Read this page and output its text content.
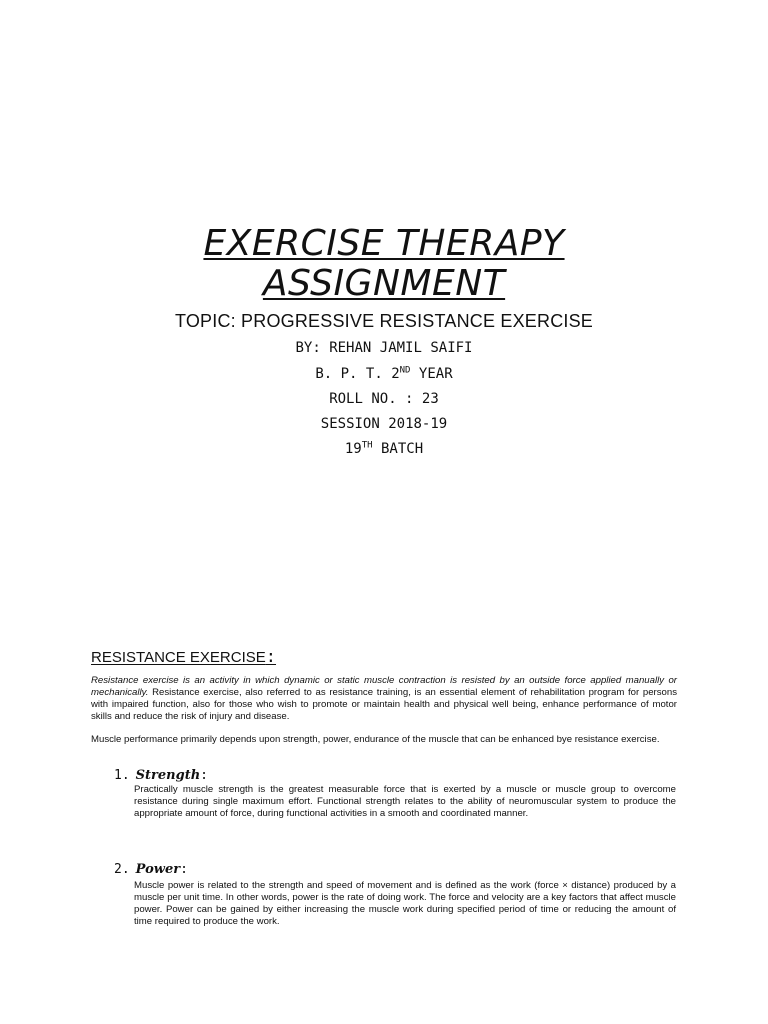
EXERCISE THERAPY
ASSIGNMENT
TOPIC: PROGRESSIVE RESISTANCE EXERCISE
BY: REHAN JAMIL SAIFI
B. P. T. 2ND YEAR
ROLL NO. : 23
SESSION 2018-19
19TH BATCH
RESISTANCE EXERCISE:
Resistance exercise is an activity in which dynamic or static muscle contraction is resisted by an outside force applied manually or mechanically. Resistance exercise, also referred to as resistance training, is an essential element of rehabilitation program for persons with impaired function, also for those who wish to promote or maintain health and physical well being, enhance performance of motor skills and reduce the risk of injury and disease.
Muscle performance primarily depends upon strength, power, endurance of the muscle that can be enhanced bye resistance exercise.
1. Strength:
Practically muscle strength is the greatest measurable force that is exerted by a muscle or muscle group to overcome resistance during single maximum effort. Functional strength relates to the ability of neuromuscular system to produce the appropriate amount of force, during functional activities in a smooth and coordinated manner.
2. Power:
Muscle power is related to the strength and speed of movement and is defined as the work (force × distance) produced by a muscle per unit time. In other words, power is the rate of doing work. The force and velocity are a key factors that affect muscle power. Power can be gained by either increasing the muscle work during specified period of time or reducing the amount of time required to produce the work.
